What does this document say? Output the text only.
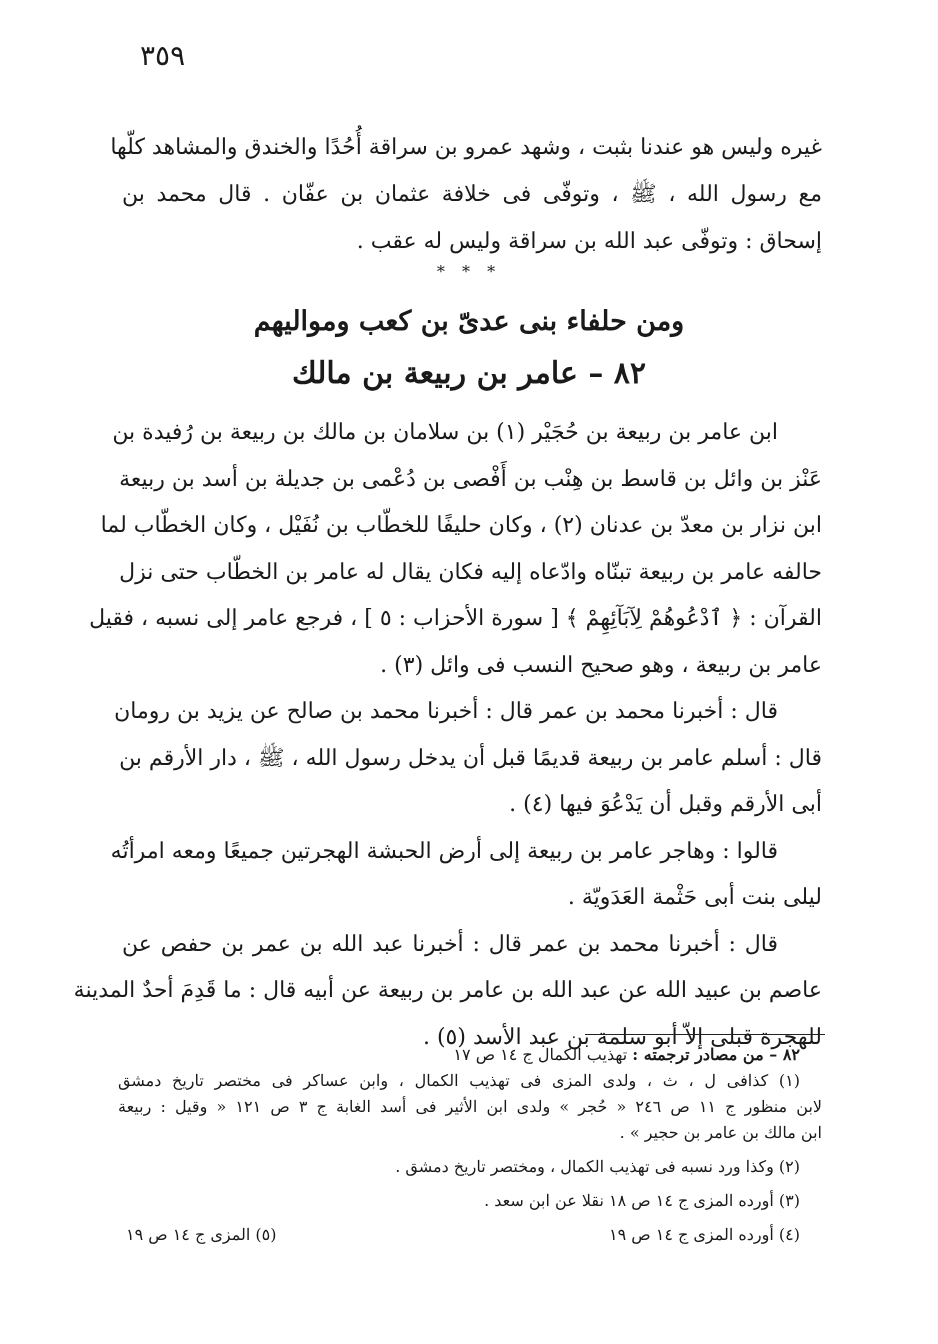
٣٥٩
غيره وليس هو عندنا بثبت ، وشهد عمرو بن سراقة أُحُدًا والخندق والمشاهد كلّها
مع رسول الله ، ﷺ ، وتوفّى فى خلافة عثمان بن عفّان . قال محمد بن
إسحاق : وتوفّى عبد الله بن سراقة وليس له عقب .
* * *
ومن حلفاء بنى عدىّ بن كعب ومواليهم
٨٢ – عامر بن ربيعة بن مالك

ابن عامر بن ربيعة بن حُجَيْر (١) بن سلامان بن مالك بن ربيعة بن رُفيدة بن
عَنْز بن وائل بن قاسط بن هِنْب بن أَفْصى بن دُعْمى بن جديلة بن أسد بن ربيعة
ابن نزار بن معدّ بن عدنان (٢) ، وكان حليفًا للخطّاب بن نُفَيْل ، وكان الخطّاب لما
حالفه عامر بن ربيعة تبنّاه وادّعاه إليه فكان يقال له عامر بن الخطّاب حتى نزل
القرآن : ﴿ ٱدْعُوهُمْ لِآبَآئِهِمْ ﴾ [ سورة الأحزاب : ٥ ] ، فرجع عامر إلى نسبه ، فقيل
عامر بن ربيعة ، وهو صحيح النسب فى وائل (٣) .

قال : أخبرنا محمد بن عمر قال : أخبرنا محمد بن صالح عن يزيد بن رومان
قال : أسلم عامر بن ربيعة قديمًا قبل أن يدخل رسول الله ، ﷺ ، دار الأرقم بن
أبى الأرقم وقبل أن يَدْعُوَ فيها (٤) .

قالوا : وهاجر عامر بن ربيعة إلى أرض الحبشة الهجرتين جميعًا ومعه امرأتُه
ليلى بنت أبى حَثْمة العَدَويّة .

قال : أخبرنا محمد بن عمر قال : أخبرنا عبد الله بن عمر بن حفص عن
عاصم بن عبيد الله عن عبد الله بن عامر بن ربيعة عن أبيه قال : ما قَدِمَ أحدٌ المدينة
للهجرة قبلى إلاّ أبو سلمة بن عبد الأسد (٥) .

٨٢ – من مصادر ترجمته : تهذيب الكمال ج ١٤ ص ١٧
(١) كذافى ل ، ث ، ولدى المزى فى تهذيب الكمال ، وابن عساكر فى مختصر تاريخ دمشق
لابن منظور ج ١١ ص ٢٤٦ « حُجر » ولدى ابن الأثير فى أسد الغابة ج ٣ ص ١٢١ « وقيل : ربيعة
ابن مالك بن عامر بن حجير » .
(٢) وكذا ورد نسبه فى تهذيب الكمال ، ومختصر تاريخ دمشق .
(٣) أورده المزى ج ١٤ ص ١٨ نقلا عن ابن سعد .
(٤) أورده المزى ج ١٤ ص ١٩
(٥) المزى ج ١٤ ص ١٩
